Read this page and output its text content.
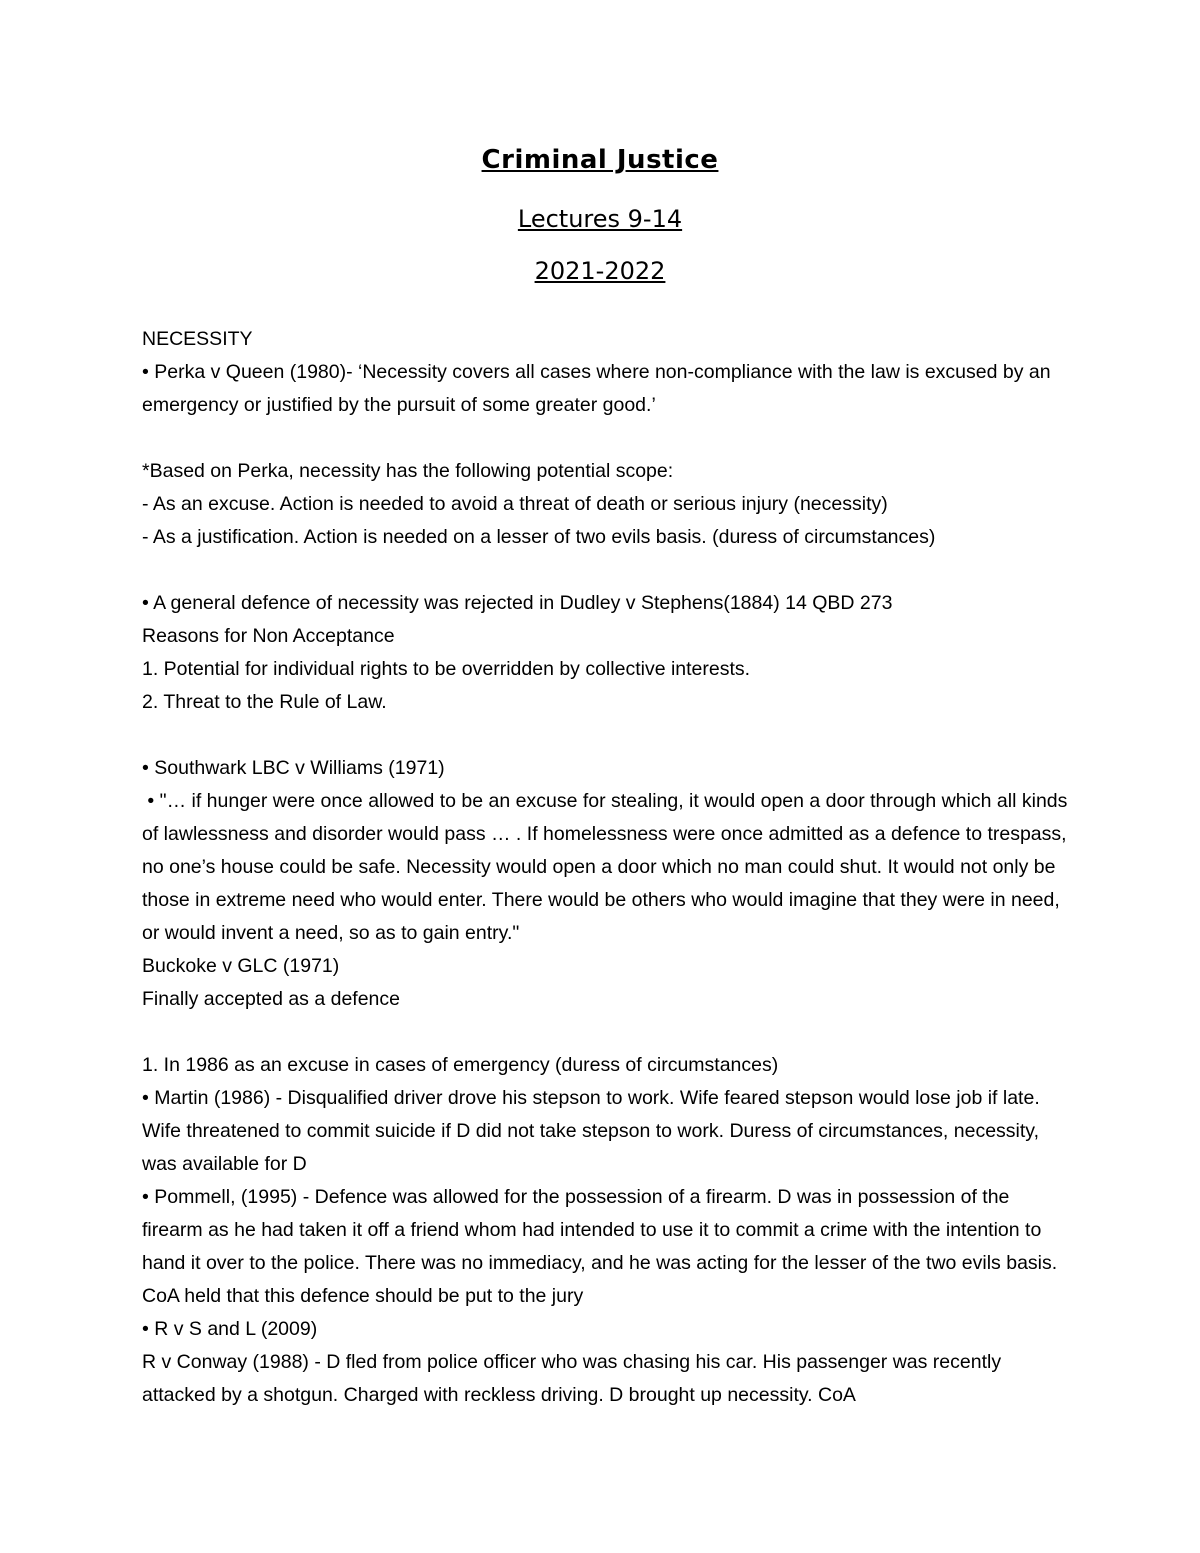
Criminal Justice
Lectures 9-14
2021-2022

NECESSITY

• Perka v Queen (1980)- ‘Necessity covers all cases where non-compliance with the law is excused by an emergency or justified by the pursuit of some greater good.’

*Based on Perka, necessity has the following potential scope:

- As an excuse. Action is needed to avoid a threat of death or serious injury (necessity)

- As a justification. Action is needed on a lesser of two evils basis. (duress of circumstances)

• A general defence of necessity was rejected in Dudley v Stephens(1884) 14 QBD 273

Reasons for Non Acceptance

1. Potential for individual rights to be overridden by collective interests.

2. Threat to the Rule of Law.

• Southwark LBC v Williams (1971)

• "… if hunger were once allowed to be an excuse for stealing, it would open a door through which all kinds of lawlessness and disorder would pass … . If homelessness were once admitted as a defence to trespass, no one’s house could be safe. Necessity would open a door which no man could shut. It would not only be those in extreme need who would enter. There would be others who would imagine that they were in need, or would invent a need, so as to gain entry."

Buckoke v GLC (1971)

Finally accepted as a defence

1. In 1986 as an excuse in cases of emergency (duress of circumstances)

• Martin (1986) - Disqualified driver drove his stepson to work. Wife feared stepson would lose job if late. Wife threatened to commit suicide if D did not take stepson to work. Duress of circumstances, necessity, was available for D

• Pommell, (1995) - Defence was allowed for the possession of a firearm. D was in possession of the firearm as he had taken it off a friend whom had intended to use it to commit a crime with the intention to hand it over to the police. There was no immediacy, and he was acting for the lesser of the two evils basis. CoA held that this defence should be put to the jury

• R v S and L (2009)

R v Conway (1988) - D fled from police officer who was chasing his car. His passenger was recently attacked by a shotgun. Charged with reckless driving. D brought up necessity. CoA
